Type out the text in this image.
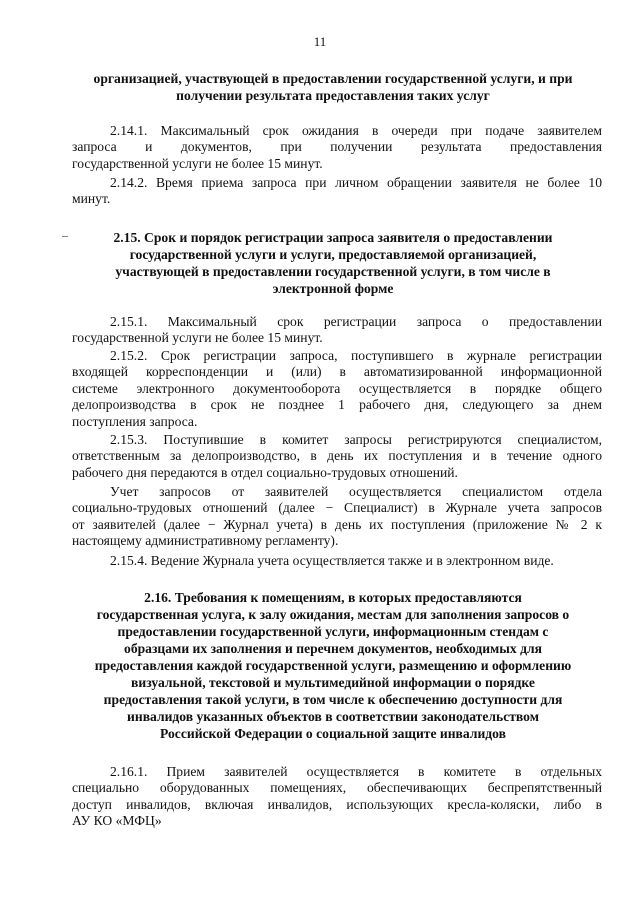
11
организацией, участвующей в предоставлении государственной услуги, и при
получении результата предоставления таких услуг
2.14.1. Максимальный срок ожидания в очереди при подаче заявителем
запроса и документов, при получении результата предоставления
государственной услуги не более 15 минут.
2.14.2. Время приема запроса при личном обращении заявителя не более 10
минут.
2.15. Срок и порядок регистрации запроса заявителя о предоставлении
государственной услуги и услуги, предоставляемой организацией,
участвующей в предоставлении государственной услуги, в том числе в
электронной форме
2.15.1. Максимальный срок регистрации запроса о предоставлении
государственной услуги не более 15 минут.
2.15.2. Срок регистрации запроса, поступившего в журнале регистрации
входящей корреспонденции и (или) в автоматизированной информационной
системе электронного документооборота осуществляется в порядке общего
делопроизводства в срок не позднее 1 рабочего дня, следующего за днем
поступления запроса.
2.15.3. Поступившие в комитет запросы регистрируются специалистом,
ответственным за делопроизводство, в день их поступления и в течение одного
рабочего дня передаются в отдел социально-трудовых отношений.
Учет запросов от заявителей осуществляется специалистом отдела
социально-трудовых отношений (далее − Специалист) в Журнале учета запросов
от заявителей (далее − Журнал учета) в день их поступления (приложение № 2 к
настоящему административному регламенту).
2.15.4. Ведение Журнала учета осуществляется также и в электронном виде.
2.16. Требования к помещениям, в которых предоставляются
государственная услуга, к залу ожидания, местам для заполнения запросов о
предоставлении государственной услуги, информационным стендам с
образцами их заполнения и перечнем документов, необходимых для
предоставления каждой государственной услуги, размещению и оформлению
визуальной, текстовой и мультимедийной информации о порядке
предоставления такой услуги, в том числе к обеспечению доступности для
инвалидов указанных объектов в соответствии законодательством
Российской Федерации о социальной защите инвалидов
2.16.1. Прием заявителей осуществляется в комитете в отдельных
специально оборудованных помещениях, обеспечивающих беспрепятственный
доступ инвалидов, включая инвалидов, использующих кресла-коляски, либо в
АУ КО «МФЦ»
